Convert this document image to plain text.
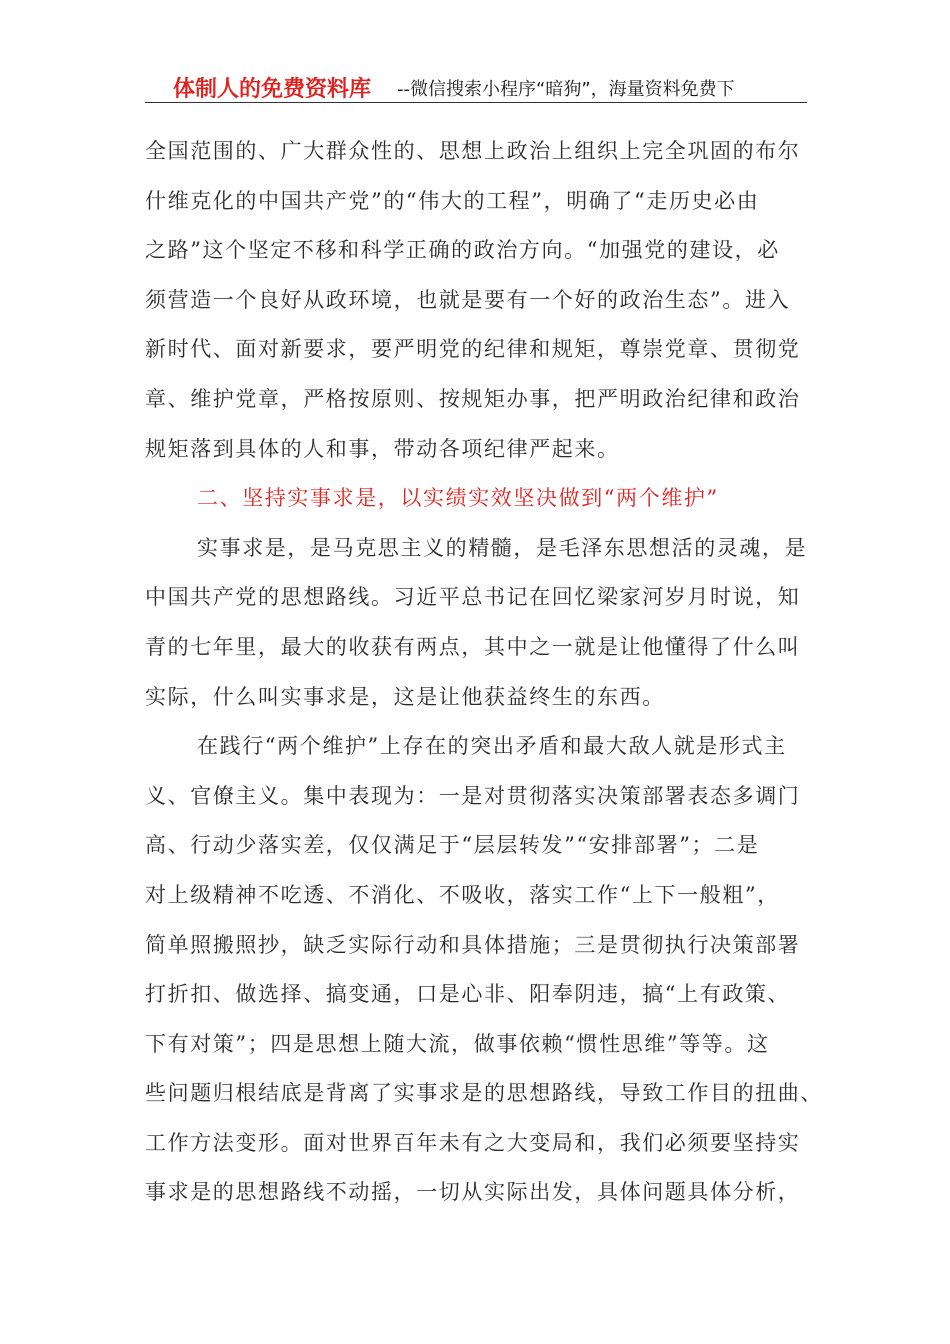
体制人的免费资料库 --微信搜索小程序“暗狗”，海量资料免费下
全国范围的、广大群众性的、思想上政治上组织上完全巩固的布尔
什维克化的中国共产党”的“伟大的工程”，明确了“走历史必由
之路”这个坚定不移和科学正确的政治方向。“加强党的建设，必
须营造一个良好从政环境，也就是要有一个好的政治生态”。进入
新时代、面对新要求，要严明党的纪律和规矩，尊崇党章、贯彻党
章、维护党章，严格按原则、按规矩办事，把严明政治纪律和政治
规矩落到具体的人和事，带动各项纪律严起来。
二、坚持实事求是，以实绩实效坚决做到“两个维护”
实事求是，是马克思主义的精髓，是毛泽东思想活的灵魂，是
中国共产党的思想路线。习近平总书记在回忆梁家河岁月时说，知
青的七年里，最大的收获有两点，其中之一就是让他懂得了什么叫
实际，什么叫实事求是，这是让他获益终生的东西。
在践行“两个维护”上存在的突出矛盾和最大敌人就是形式主
义、官僚主义。集中表现为：一是对贯彻落实决策部署表态多调门
高、行动少落实差，仅仅满足于“层层转发”“安排部署”；二是
对上级精神不吃透、不消化、不吸收，落实工作“上下一般粗”，
简单照搬照抄，缺乏实际行动和具体措施；三是贯彻执行决策部署
打折扣、做选择、搞变通，口是心非、阳奉阴违，搞“上有政策、
下有对策”；四是思想上随大流，做事依赖“惯性思维”等等。这
些问题归根结底是背离了实事求是的思想路线，导致工作目的扭曲、
工作方法变形。面对世界百年未有之大变局和，我们必须要坚持实
事求是的思想路线不动摇，一切从实际出发，具体问题具体分析，
